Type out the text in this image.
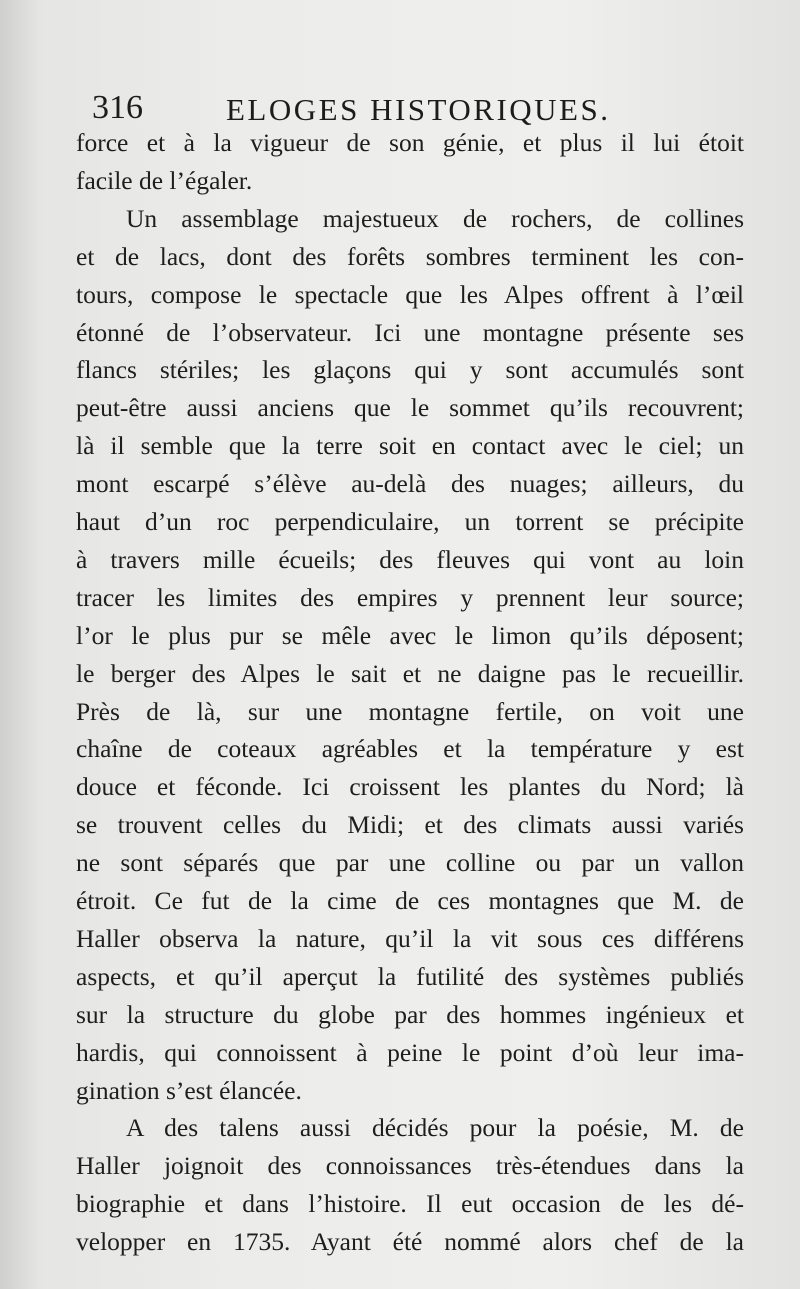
316	ELOGES HISTORIQUES.
force et à la vigueur de son génie, et plus il lui étoit
facile de l’égaler.
Un assemblage majestueux de rochers, de collines
et de lacs, dont des forêts sombres terminent les con-
tours, compose le spectacle que les Alpes offrent à l’œil
étonné de l’observateur. Ici une montagne présente ses
flancs stériles; les glaçons qui y sont accumulés sont
peut-être aussi anciens que le sommet qu’ils recouvrent;
là il semble que la terre soit en contact avec le ciel; un
mont escarpé s’élève au-delà des nuages; ailleurs, du
haut d’un roc perpendiculaire, un torrent se précipite
à travers mille écueils; des fleuves qui vont au loin
tracer les limites des empires y prennent leur source;
l’or le plus pur se mêle avec le limon qu’ils déposent;
le berger des Alpes le sait et ne daigne pas le recueillir.
Près de là, sur une montagne fertile, on voit une
chaîne de coteaux agréables et la température y est
douce et féconde. Ici croissent les plantes du Nord; là
se trouvent celles du Midi; et des climats aussi variés
ne sont séparés que par une colline ou par un vallon
étroit. Ce fut de la cime de ces montagnes que M. de
Haller observa la nature, qu’il la vit sous ces différens
aspects, et qu’il aperçut la futilité des systèmes publiés
sur la structure du globe par des hommes ingénieux et
hardis, qui connoissent à peine le point d’où leur ima-
gination s’est élancée.
A des talens aussi décidés pour la poésie, M. de
Haller joignoit des connoissances très-étendues dans la
biographie et dans l’histoire. Il eut occasion de les dé-
velopper en 1735. Ayant été nommé alors chef de la
